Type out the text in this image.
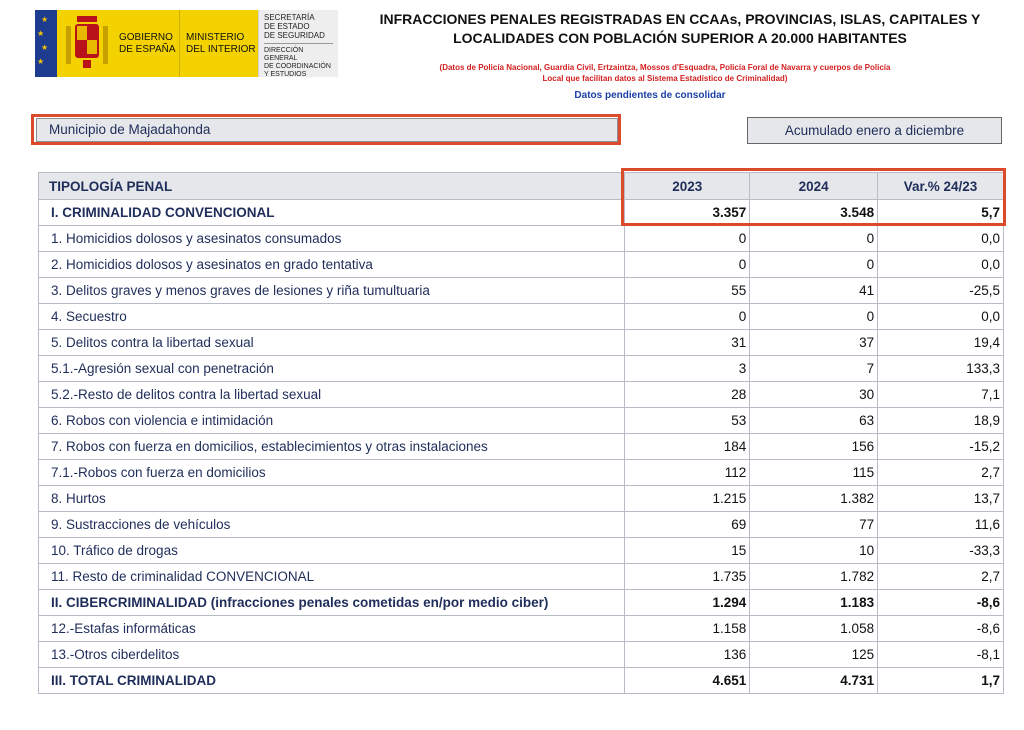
★
★
★
★
GOBIERNO
DE ESPAÑA
MINISTERIO
DEL INTERIOR
SECRETARÍA
DE ESTADO
DE SEGURIDAD
DIRECCIÓN GENERAL
DE COORDINACIÓN
Y ESTUDIOS
INFRACCIONES PENALES REGISTRADAS EN CCAAs, PROVINCIAS, ISLAS, CAPITALES Y
LOCALIDADES CON POBLACIÓN SUPERIOR A 20.000 HABITANTES
(Datos de Policía Nacional, Guardia Civil, Ertzaintza, Mossos d'Esquadra, Policía Foral de Navarra y cuerpos de Policía
Local que facilitan datos al Sistema Estadístico de Criminalidad)
Datos pendientes de consolidar
Municipio de Majadahonda	Acumulado enero a diciembre
TIPOLOGÍA PENAL	2023	2024	Var.% 24/23
I. CRIMINALIDAD CONVENCIONAL	3.357	3.548	5,7
1. Homicidios dolosos y asesinatos consumados	0	0	0,0
2. Homicidios dolosos y asesinatos en grado tentativa	0	0	0,0
3. Delitos graves y menos graves de lesiones y riña tumultuaria	55	41	-25,5
4. Secuestro	0	0	0,0
5. Delitos contra la libertad sexual	31	37	19,4
5.1.-Agresión sexual con penetración	3	7	133,3
5.2.-Resto de delitos contra la libertad sexual	28	30	7,1
6. Robos con violencia e intimidación	53	63	18,9
7. Robos con fuerza en domicilios, establecimientos y otras instalaciones	184	156	-15,2
7.1.-Robos con fuerza en domicilios	112	115	2,7
8. Hurtos	1.215	1.382	13,7
9. Sustracciones de vehículos	69	77	11,6
10. Tráfico de drogas	15	10	-33,3
11. Resto de criminalidad CONVENCIONAL	1.735	1.782	2,7
II. CIBERCRIMINALIDAD (infracciones penales cometidas en/por medio ciber)	1.294	1.183	-8,6
12.-Estafas informáticas	1.158	1.058	-8,6
13.-Otros ciberdelitos	136	125	-8,1
III. TOTAL CRIMINALIDAD	4.651	4.731	1,7
